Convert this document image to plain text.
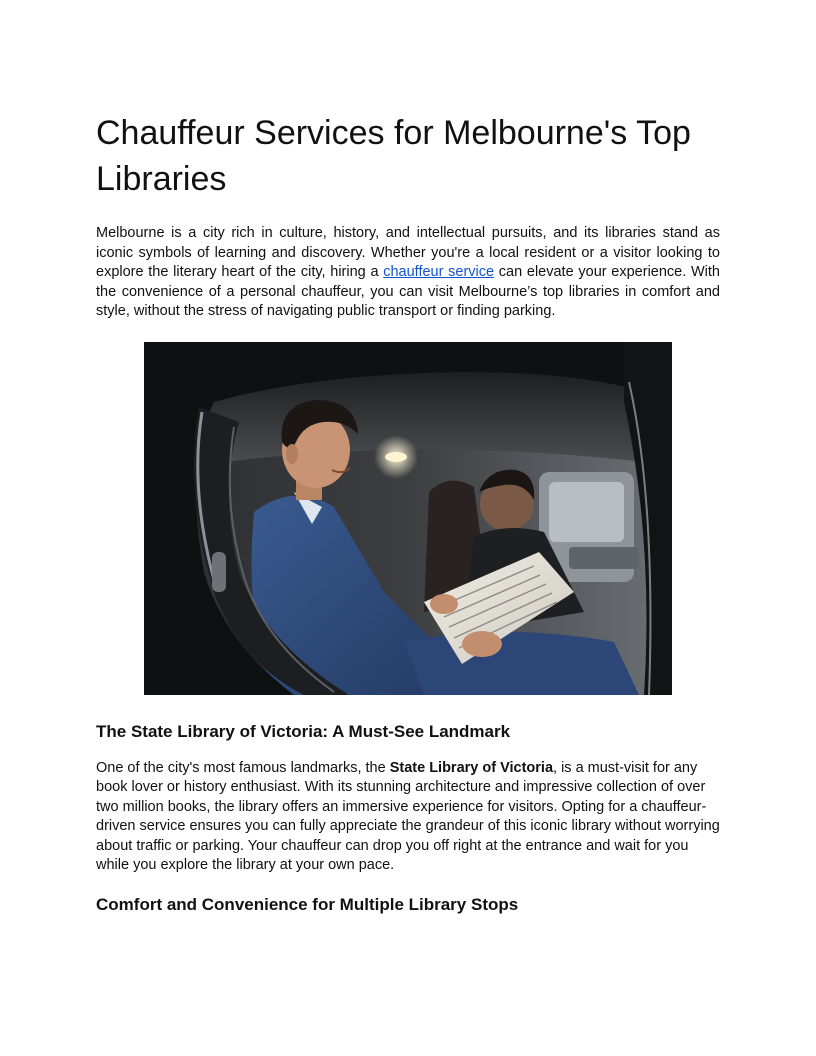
Chauffeur Services for Melbourne's Top Libraries

Melbourne is a city rich in culture, history, and intellectual pursuits, and its libraries stand as iconic symbols of learning and discovery. Whether you're a local resident or a visitor looking to explore the literary heart of the city, hiring a chauffeur service can elevate your experience. With the convenience of a personal chauffeur, you can visit Melbourne’s top libraries in comfort and style, without the stress of navigating public transport or finding parking.

The State Library of Victoria: A Must-See Landmark

One of the city's most famous landmarks, the State Library of Victoria, is a must-visit for any book lover or history enthusiast. With its stunning architecture and impressive collection of over two million books, the library offers an immersive experience for visitors. Opting for a chauffeur-driven service ensures you can fully appreciate the grandeur of this iconic library without worrying about traffic or parking. Your chauffeur can drop you off right at the entrance and wait for you while you explore the library at your own pace.

Comfort and Convenience for Multiple Library Stops
